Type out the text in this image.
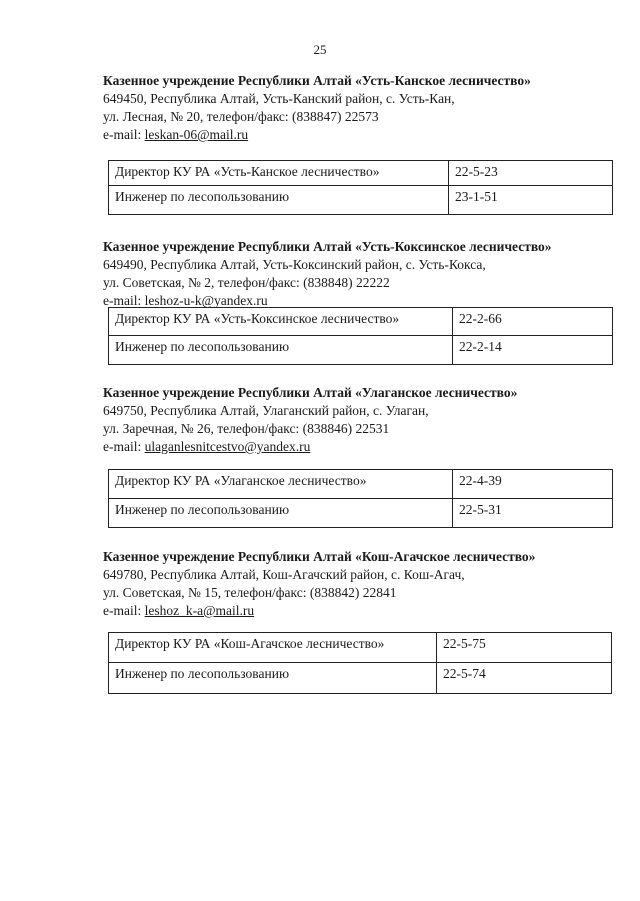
25
Казенное учреждение Республики Алтай «Усть-Канское лесничество»
649450, Республика Алтай, Усть-Канский район, с. Усть-Кан,
ул. Лесная, № 20, телефон/факс: (838847) 22573
e-mail: leskan-06@mail.ru
Директор КУ РА «Усть-Канское лесничество»	22-5-23
Инженер по лесопользованию	23-1-51
Казенное учреждение Республики Алтай «Усть-Коксинское лесничество»
649490, Республика Алтай, Усть-Коксинский район, с. Усть-Кокса,
ул. Советская, № 2, телефон/факс: (838848) 22222
e-mail: leshoz-u-k@yandex.ru
Директор КУ РА «Усть-Коксинское лесничество»	22-2-66
Инженер по лесопользованию	22-2-14
Казенное учреждение Республики Алтай «Улаганское лесничество»
649750, Республика Алтай, Улаганский район, с. Улаган,
ул. Заречная, № 26, телефон/факс: (838846) 22531
e-mail: ulaganlesnitcestvo@yandex.ru
Директор КУ РА «Улаганское лесничество»	22-4-39
Инженер по лесопользованию	22-5-31
Казенное учреждение Республики Алтай «Кош-Агачское лесничество»
649780, Республика Алтай, Кош-Агачский район, с. Кош-Агач,
ул. Советская, № 15, телефон/факс: (838842) 22841
e-mail: leshoz_k-a@mail.ru
Директор КУ РА «Кош-Агачское лесничество»	22-5-75
Инженер по лесопользованию	22-5-74
